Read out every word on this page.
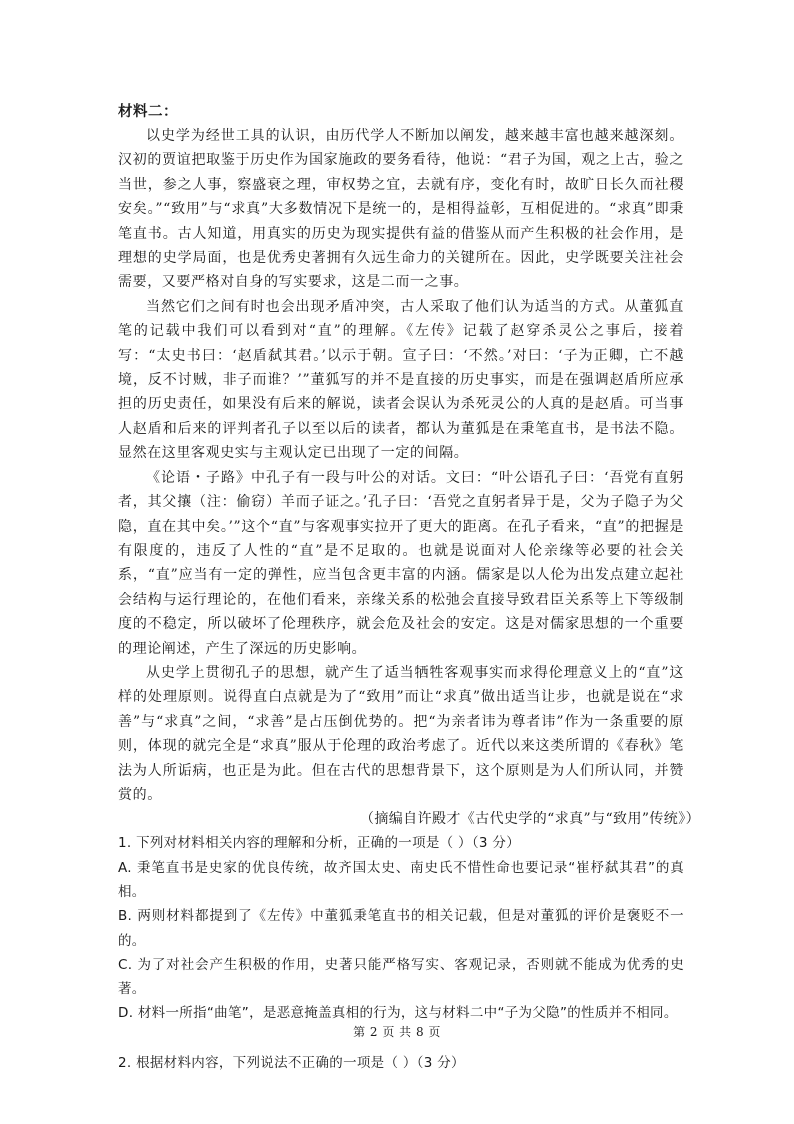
材料二：

以史学为经世工具的认识，由历代学人不断加以阐发，越来越丰富也越来越深刻。汉初的贾谊把取鉴于历史作为国家施政的要务看待，他说：“君子为国，观之上古，验之当世，参之人事，察盛衰之理，审权势之宜，去就有序，变化有时，故旷日长久而社稷安矣。”“致用”与“求真”大多数情况下是统一的，是相得益彰，互相促进的。“求真”即秉笔直书。古人知道，用真实的历史为现实提供有益的借鉴从而产生积极的社会作用，是理想的史学局面，也是优秀史著拥有久远生命力的关键所在。因此，史学既要关注社会需要，又要严格对自身的写实要求，这是二而一之事。

当然它们之间有时也会出现矛盾冲突，古人采取了他们认为适当的方式。从董狐直笔的记载中我们可以看到对“直”的理解。《左传》记载了赵穿杀灵公之事后，接着写：“太史书曰：‘赵盾弑其君。’以示于朝。宣子曰：‘不然。’对曰：‘子为正卿，亡不越境，反不讨贼，非子而谁？’”董狐写的并不是直接的历史事实，而是在强调赵盾所应承担的历史责任，如果没有后来的解说，读者会误认为杀死灵公的人真的是赵盾。可当事人赵盾和后来的评判者孔子以至以后的读者，都认为董狐是在秉笔直书，是书法不隐。显然在这里客观史实与主观认定已出现了一定的间隔。

《论语・子路》中孔子有一段与叶公的对话。文曰：“叶公语孔子曰：‘吾党有直躬者，其父攘（注：偷窃）羊而子证之。’孔子曰：‘吾党之直躬者异于是，父为子隐子为父隐，直在其中矣。’”这个“直”与客观事实拉开了更大的距离。在孔子看来，“直”的把握是有限度的，违反了人性的“直”是不足取的。也就是说面对人伦亲缘等必要的社会关系，“直”应当有一定的弹性，应当包含更丰富的内涵。儒家是以人伦为出发点建立起社会结构与运行理论的，在他们看来，亲缘关系的松弛会直接导致君臣关系等上下等级制度的不稳定，所以破坏了伦理秩序，就会危及社会的安定。这是对儒家思想的一个重要的理论阐述，产生了深远的历史影响。

从史学上贯彻孔子的思想，就产生了适当牺牲客观事实而求得伦理意义上的“直”这样的处理原则。说得直白点就是为了“致用”而让“求真”做出适当让步，也就是说在“求善”与“求真”之间，“求善”是占压倒优势的。把“为亲者讳为尊者讳”作为一条重要的原则，体现的就完全是“求真”服从于伦理的政治考虑了。近代以来这类所谓的《春秋》笔法为人所诟病，也正是为此。但在古代的思想背景下，这个原则是为人们所认同，并赞赏的。

（摘编自许殿才《古代史学的“求真”与“致用”传统》）

1. 下列对材料相关内容的理解和分析，正确的一项是（ ）（3 分）

A. 秉笔直书是史家的优良传统，故齐国太史、南史氏不惜性命也要记录“崔杼弑其君”的真相。

B. 两则材料都提到了《左传》中董狐秉笔直书的相关记载，但是对董狐的评价是褒贬不一的。

C. 为了对社会产生积极的作用，史著只能严格写实、客观记录，否则就不能成为优秀的史著。

D. 材料一所指“曲笔”，是恶意掩盖真相的行为，这与材料二中“子为父隐”的性质并不相同。

2. 根据材料内容，下列说法不正确的一项是（ ）（3 分）

第 2 页 共 8 页
